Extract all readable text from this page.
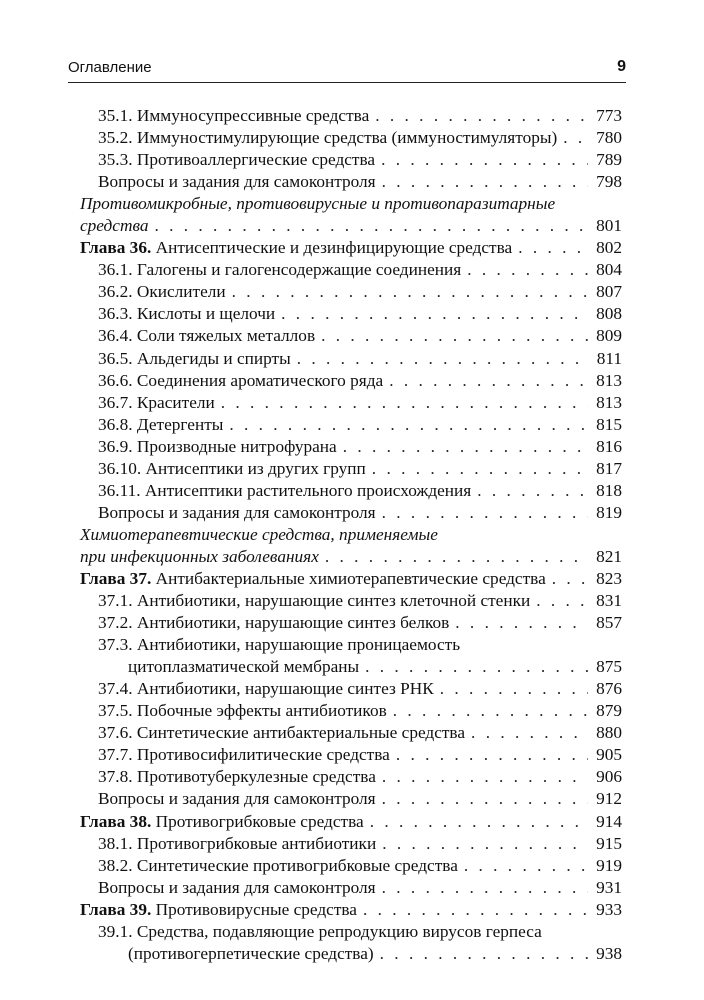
Оглавление	9
35.1. Иммуносупрессивные средства . . .	773
35.2. Иммуностимулирующие средства (иммуностимуляторы) . . . 780
35.3. Противоаллергические средства . . .	789
Вопросы и задания для самоконтроля . . .	798
Противомикробные, противовирусные и противопаразитарные
средства . . .	801
Глава 36. Антисептические и дезинфицирующие средства . . .	802
36.1. Галогены и галогенсодержащие соединения . . .	804
36.2. Окислители . . .	807
36.3. Кислоты и щелочи . . .	808
36.4. Соли тяжелых металлов . . .	809
36.5. Альдегиды и спирты . . .	811
36.6. Соединения ароматического ряда . . .	813
36.7. Красители . . .	813
36.8. Детергенты . . .	815
36.9. Производные нитрофурана . . .	816
36.10. Антисептики из других групп . . .	817
36.11. Антисептики растительного происхождения . . .	818
Вопросы и задания для самоконтроля . . .	819
Химиотерапевтические средства, применяемые
при инфекционных заболеваниях . . .	821
Глава 37. Антибактериальные химиотерапевтические средства . . .	823
37.1. Антибиотики, нарушающие синтез клеточной стенки . . .	831
37.2. Антибиотики, нарушающие синтез белков . . .	857
37.3. Антибиотики, нарушающие проницаемость
цитоплазматической мембраны . . .	875
37.4. Антибиотики, нарушающие синтез РНК . . .	876
37.5. Побочные эффекты антибиотиков . . .	879
37.6. Синтетические антибактериальные средства . . .	880
37.7. Противосифилитические средства . . .	905
37.8. Противотуберкулезные средства . . .	906
Вопросы и задания для самоконтроля . . .	912
Глава 38. Противогрибковые средства . . .	914
38.1. Противогрибковые антибиотики . . .	915
38.2. Синтетические противогрибковые средства . . .	919
Вопросы и задания для самоконтроля . . .	931
Глава 39. Противовирусные средства . . .	933
39.1. Средства, подавляющие репродукцию вирусов герпеса
(противогерпетические средства) . . .	938
